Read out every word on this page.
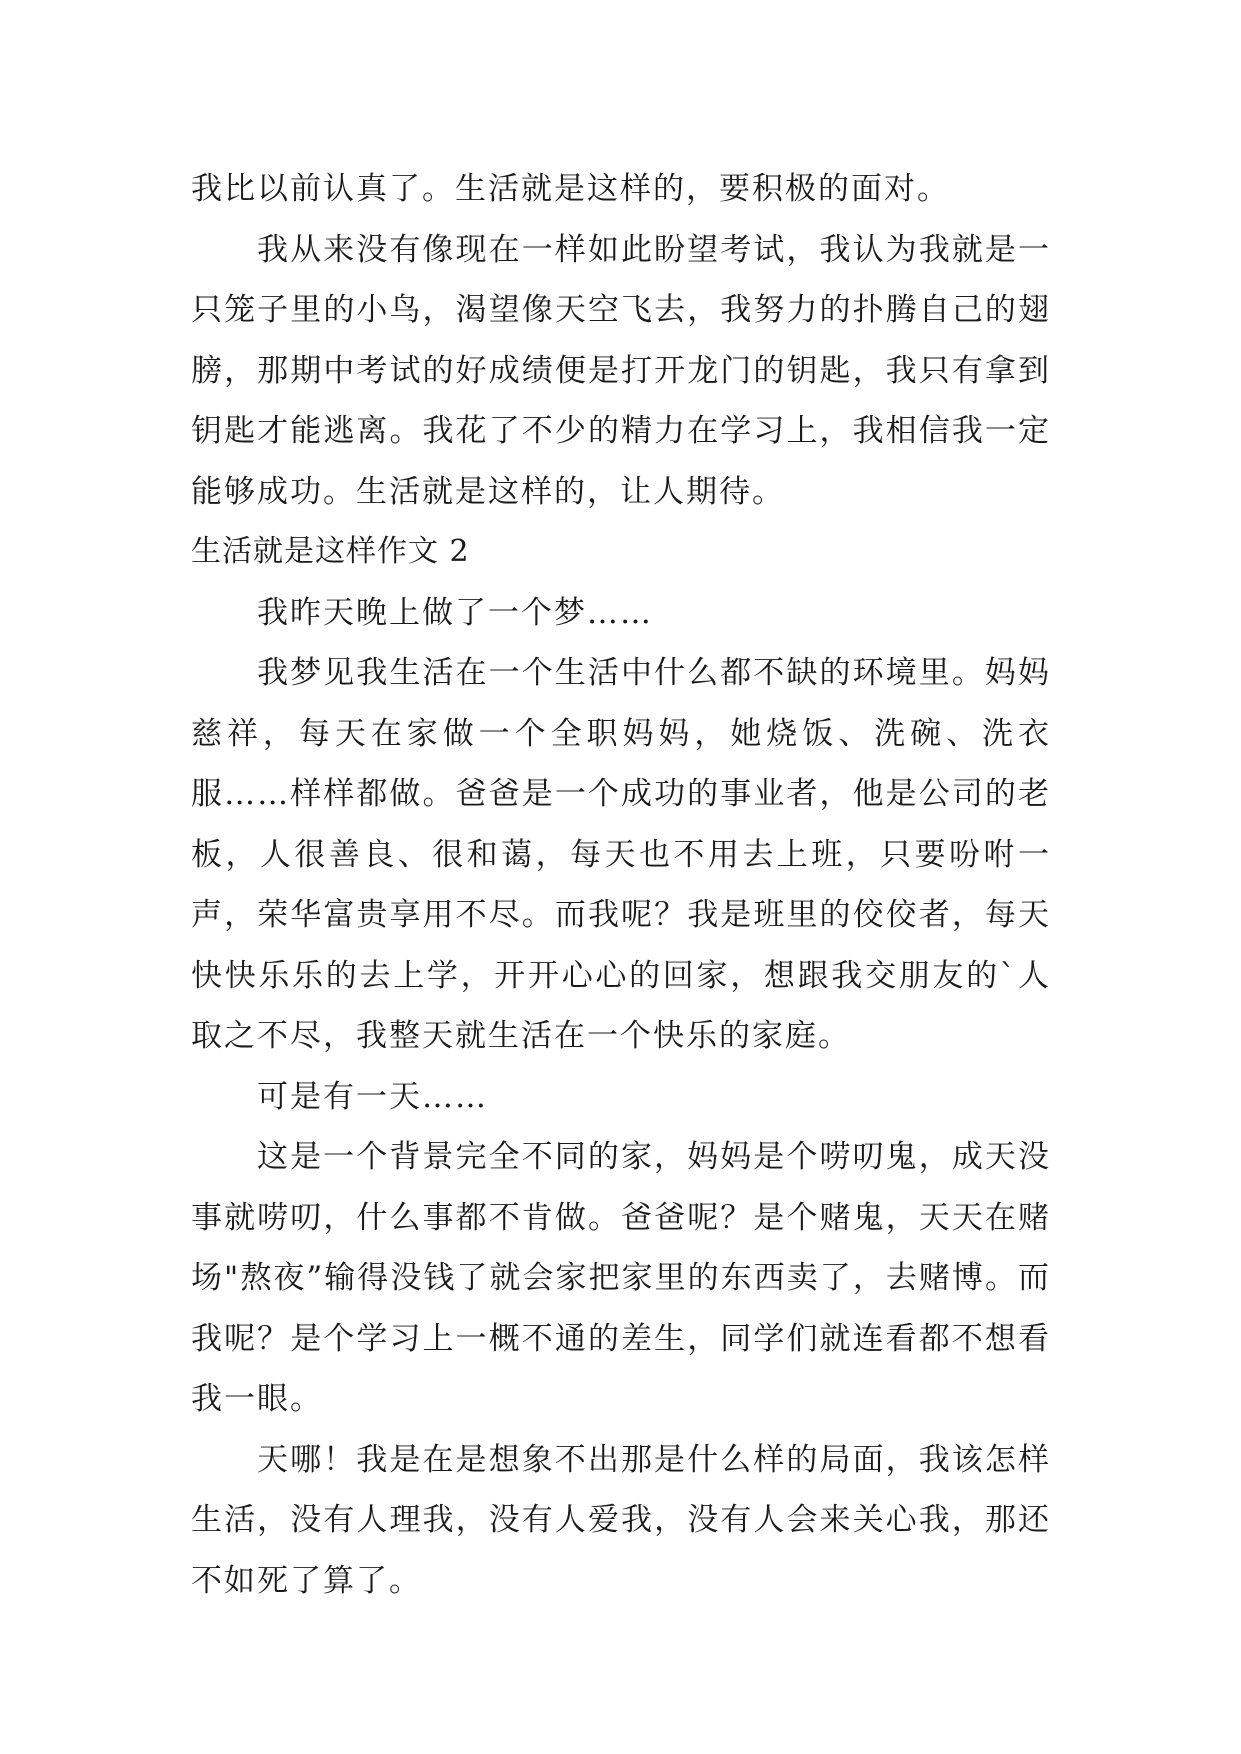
我比以前认真了。生活就是这样的，要积极的面对。

我从来没有像现在一样如此盼望考试，我认为我就是一只笼子里的小鸟，渴望像天空飞去，我努力的扑腾自己的翅膀，那期中考试的好成绩便是打开龙门的钥匙，我只有拿到钥匙才能逃离。我花了不少的精力在学习上，我相信我一定能够成功。生活就是这样的，让人期待。

生活就是这样作文 2

我昨天晚上做了一个梦……

我梦见我生活在一个生活中什么都不缺的环境里。妈妈慈祥，每天在家做一个全职妈妈，她烧饭、洗碗、洗衣服……样样都做。爸爸是一个成功的事业者，他是公司的老板，人很善良、很和蔼，每天也不用去上班，只要吩咐一声，荣华富贵享用不尽。而我呢？我是班里的佼佼者，每天快快乐乐的去上学，开开心心的回家，想跟我交朋友的`人取之不尽，我整天就生活在一个快乐的家庭。

可是有一天……

这是一个背景完全不同的家，妈妈是个唠叨鬼，成天没事就唠叨，什么事都不肯做。爸爸呢？是个赌鬼，天天在赌场"熬夜”输得没钱了就会家把家里的东西卖了，去赌博。而我呢？是个学习上一概不通的差生，同学们就连看都不想看我一眼。

天哪！我是在是想象不出那是什么样的局面，我该怎样生活，没有人理我，没有人爱我，没有人会来关心我，那还不如死了算了。
